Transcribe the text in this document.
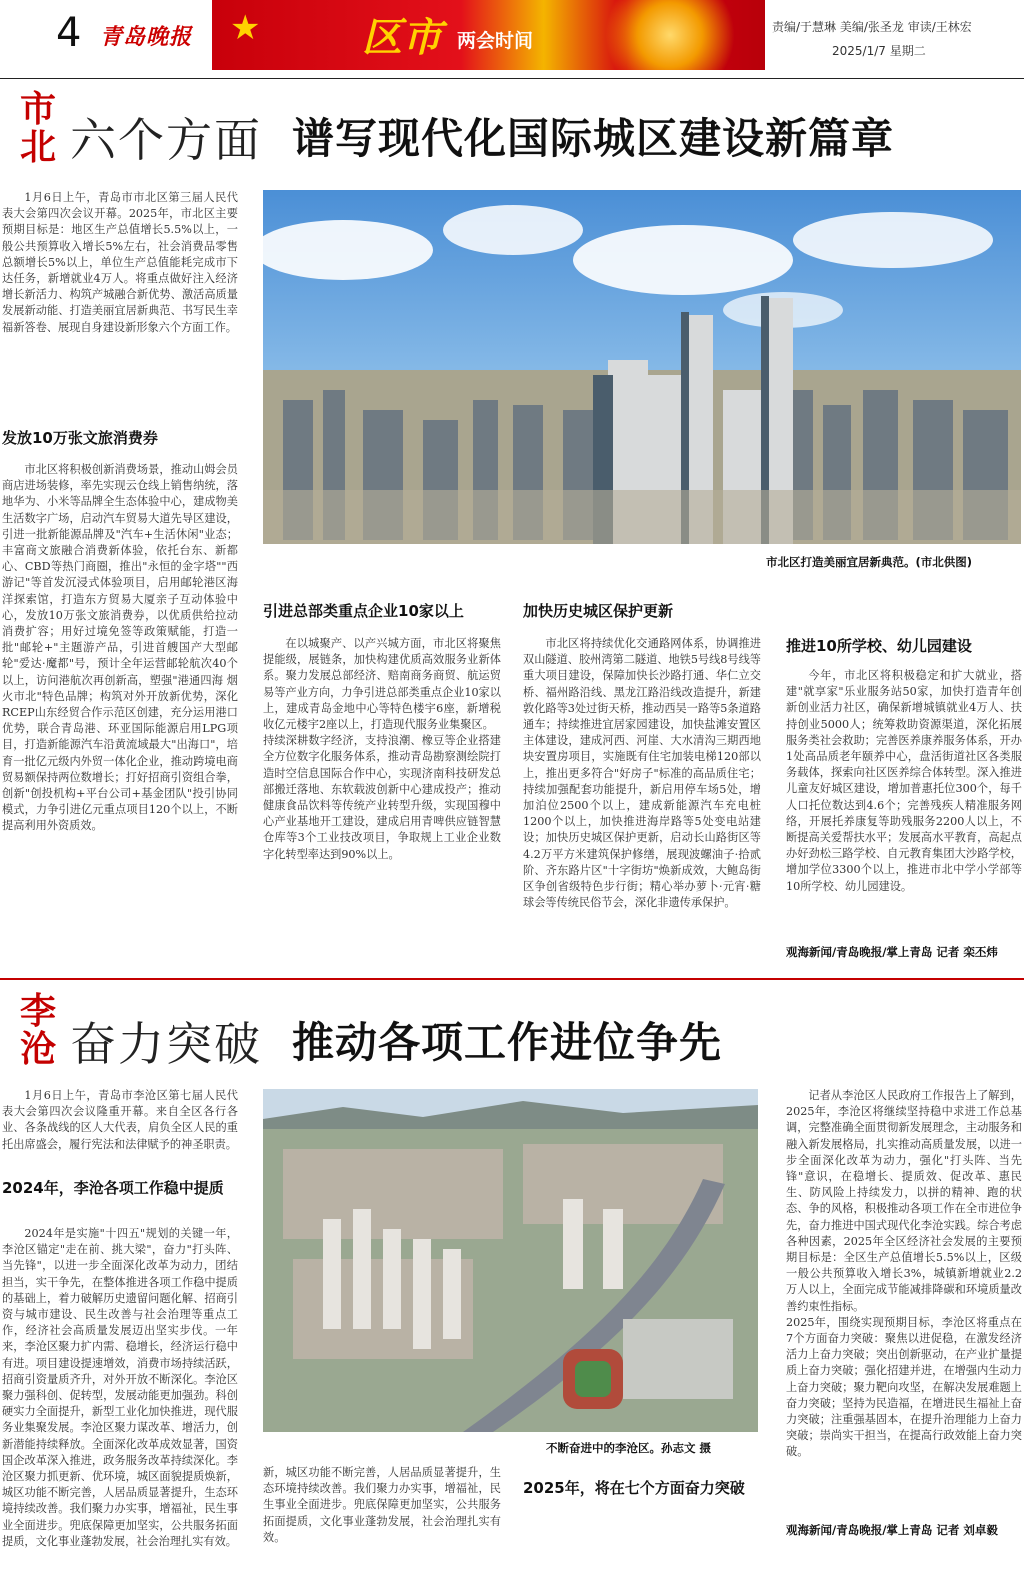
4 青岛晚报 ★	区市 两会时间
责编/于慧琳 美编/张圣龙 审读/王林宏
2025/1/7 星期二
市北 六个方面 谱写现代化国际城区建设新篇章

1月6日上午，青岛市市北区第三届人民代表大会第四次会议开幕。2025年，市北区主要预期目标是：地区生产总值增长5.5%以上，一般公共预算收入增长5%左右，社会消费品零售总额增长5%以上，单位生产总值能耗完成市下达任务，新增就业4万人。将重点做好注入经济增长新活力、构筑产城融合新优势、激活高质量发展新动能、打造美丽宜居新典范、书写民生幸福新答卷、展现自身建设新形象六个方面工作。

发放10万张文旅消费券

市北区将积极创新消费场景，推动山姆会员商店进场装修，率先实现云仓线上销售纳统，落地华为、小米等品牌全生态体验中心，建成物美生活数字广场，启动汽车贸易大道先导区建设，引进一批新能源品牌及"汽车+生活休闲"业态；丰富商文旅融合消费新体验，依托台东、新都心、CBD等热门商圈，推出"永恒的金字塔""西游记"等首发沉浸式体验项目，启用邮轮港区海洋探索馆，打造东方贸易大厦亲子互动体验中心，发放10万张文旅消费券，以优质供给拉动消费扩容；用好过境免签等政策赋能，打造一批"邮轮+"主题游产品，引进首艘国产大型邮轮"爱达·魔都"号，预计全年运营邮轮航次40个以上，访问港航次再创新高，塑强"港通四海 烟火市北"特色品牌；构筑对外开放新优势，深化RCEP山东经贸合作示范区创建，充分运用港口优势，联合青岛港、环亚国际能源启用LPG项目，打造新能源汽车沿黄流域最大"出海口"，培育一批亿元级内外贸一体化企业，推动跨境电商贸易额保持两位数增长；打好招商引资组合拳，创新"创投机构+平台公司+基金团队"投引协同模式，力争引进亿元重点项目120个以上，不断提高利用外资质效。

市北区打造美丽宜居新典范。(市北供图)

引进总部类重点企业10家以上

在以城聚产、以产兴城方面，市北区将聚焦提能级，展链条，加快构建优质高效服务业新体系。聚力发展总部经济、赔南商务商贸、航运贸易等产业方向，力争引进总部类重点企业10家以上，建成青岛金地中心等特色楼宇6座，新增税收亿元楼宇2座以上，打造现代服务业集聚区。
持续深耕数字经济，支持浪潮、橡豆等企业搭建全方位数字化服务体系，推动青岛勘察测绘院打造时空信息国际合作中心，实现济南科技研发总部搬迁落地、东软载波创新中心建成投产；推动健康食品饮料等传统产业转型升级，实现国穆中心产业基地开工建设，建成启用青啤供应链智慧仓库等3个工业技改项目，争取规上工业企业数字化转型率达到90%以上。

加快历史城区保护更新

市北区将持续优化交通路网体系，协调推进双山隧道、胶州湾第二隧道、地铁5号线8号线等重大项目建设，保障加快长沙路打通、华仁立交桥、福州路沿线、黑龙江路沿线改造提升，新建敦化路等3处过街天桥，推动西吴一路等5条道路通车；持续推进宜居家园建设，加快盐滩安置区主体建设，建成河西、河崖、大水清沟三期西地块安置房项目，实施既有住宅加装电梯120部以上，推出更多符合"好房子"标准的高品质住宅；持续加强配套功能提升，新启用停车场5处，增加泊位2500个以上，建成新能源汽车充电桩1200个以上，加快推进海岸路等5处变电站建设；加快历史城区保护更新，启动长山路街区等4.2万平方米建筑保护修缮，展现波螺油子·拾贰阶、齐东路片区"十字街坊"焕新成效，大鲍岛街区争创省级特色步行街；精心举办萝卜·元宵·糖球会等传统民俗节会，深化非遗传承保护。

推进10所学校、幼儿园建设

今年，市北区将积极稳定和扩大就业，搭建"就享家"乐业服务站50家，加快打造青年创新创业活力社区，确保新增城镇就业4万人、扶持创业5000人；统筹救助资源渠道，深化拓展服务类社会救助；完善医养康养服务体系，开办1处高品质老年颐养中心，盘活街道社区各类服务载体，探索向社区医养综合体转型。深入推进儿童友好城区建设，增加普惠托位300个，每千人口托位数达到4.6个；完善残疾人精准服务网络，开展托养康复等助残服务2200人以上，不断提高关爱帮扶水平；发展高水平教育，高起点办好劲松三路学校、自元教育集团大沙路学校，增加学位3300个以上，推进市北中学小学部等10所学校、幼儿园建设。

观海新闻/青岛晚报/掌上青岛 记者 栾丕炜
李沧 奋力突破 推动各项工作进位争先

1月6日上午，青岛市李沧区第七届人民代表大会第四次会议隆重开幕。来自全区各行各业、各条战线的区人大代表，肩负全区人民的重托出席盛会，履行宪法和法律赋予的神圣职责。

2024年，李沧各项工作稳中提质

2024年是实施"十四五"规划的关键一年，李沧区锚定"走在前、挑大梁"，奋力"打头阵、当先锋"，以进一步全面深化改革为动力，团结担当，实干争先，在整体推进各项工作稳中提质的基础上，着力破解历史遗留问题化解、招商引资与城市建设、民生改善与社会治理等重点工作，经济社会高质量发展迈出坚实步伐。一年来，李沧区聚力扩内需、稳增长，经济运行稳中有进。项目建设提速增效，消费市场持续活跃，招商引资量质齐升，对外开放不断深化。李沧区聚力强科创、促转型，发展动能更加强劲。科创硬实力全面提升，新型工业化加快推进，现代服务业集聚发展。李沧区聚力谋改革、增活力，创新潜能持续释放。全面深化改革成效显著，国资国企改革深入推进，政务服务改革持续深化。李沧区聚力抓更新、优环境，城区面貌提质焕新，城区功能不断完善，人居品质显著提升，生态环境持续改善。我们聚力办实事，增福祉，民生事业全面进步。兜底保障更加坚实，公共服务拓面提质，文化事业蓬勃发展，社会治理扎实有效。

不断奋进中的李沧区。孙志文 摄

新，城区功能不断完善，人居品质显著提升，生态环境持续改善。我们聚力办实事，增福祉，民生事业全面进步。兜底保障更加坚实，公共服务拓面提质，文化事业蓬勃发展，社会治理扎实有效。

2025年，将在七个方面奋力突破

记者从李沧区人民政府工作报告上了解到，2025年，李沧区将继续坚持稳中求进工作总基调，完整准确全面贯彻新发展理念，主动服务和融入新发展格局，扎实推动高质量发展，以进一步全面深化改革为动力，强化"打头阵、当先锋"意识，在稳增长、提质效、促改革、惠民生、防风险上持续发力，以拼的精神、跑的状态、争的风格，积极推动各项工作在全市进位争先，奋力推进中国式现代化李沧实践。综合考虑各种因素，2025年全区经济社会发展的主要预期目标是：全区生产总值增长5.5%以上，区级一般公共预算收入增长3%，城镇新增就业2.2万人以上，全面完成节能减排降碳和环境质量改善约束性指标。
2025年，围绕实现预期目标，李沧区将重点在7个方面奋力突破：聚焦以进促稳，在激发经济活力上奋力突破；突出创新驱动，在产业扩量提质上奋力突破；强化招建并进，在增强内生动力上奋力突破；聚力靶向攻坚，在解决发展难题上奋力突破；坚持为民造福，在增进民生福祉上奋力突破；注重强基固本，在提升治理能力上奋力突破；崇尚实干担当，在提高行政效能上奋力突破。

观海新闻/青岛晚报/掌上青岛 记者 刘卓毅
